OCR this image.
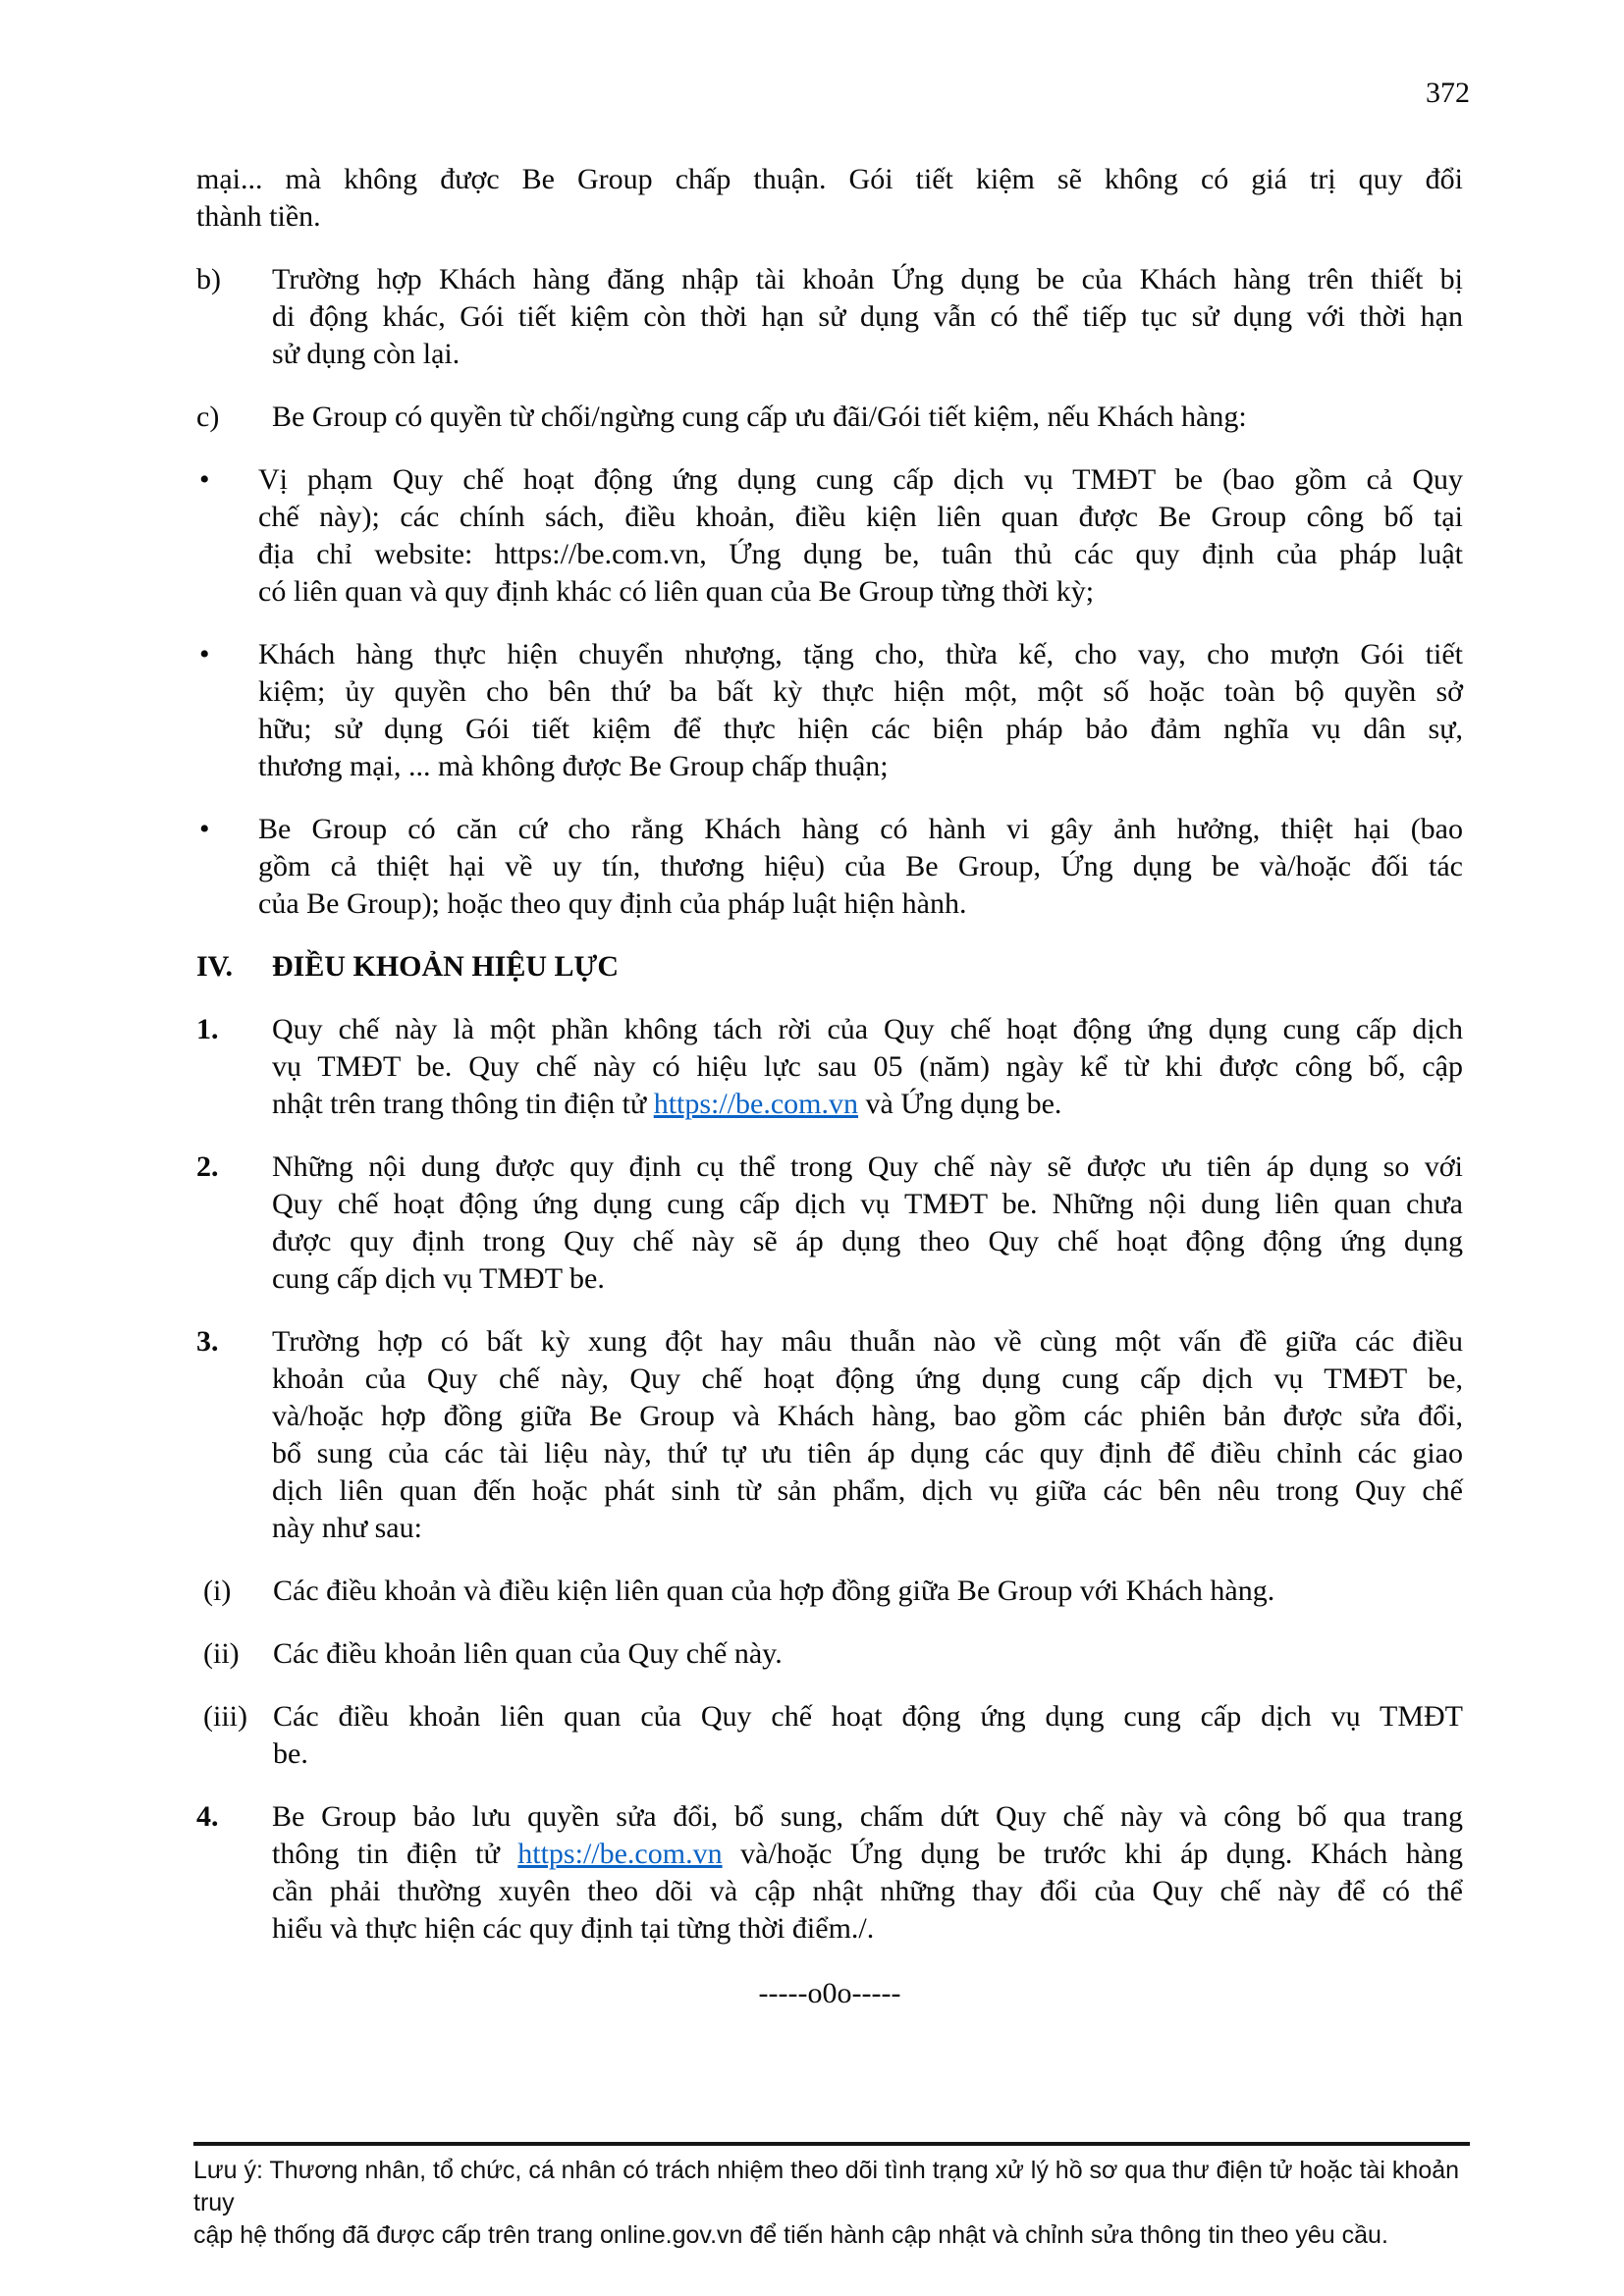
372
mại... mà không được Be Group chấp thuận. Gói tiết kiệm sẽ không có giá trị quy đổi
thành tiền.
b)	Trường hợp Khách hàng đăng nhập tài khoản Ứng dụng be của Khách hàng trên thiết bị
di động khác, Gói tiết kiệm còn thời hạn sử dụng vẫn có thể tiếp tục sử dụng với thời hạn
sử dụng còn lại.
c)	Be Group có quyền từ chối/ngừng cung cấp ưu đãi/Gói tiết kiệm, nếu Khách hàng:
•	Vị phạm Quy chế hoạt động ứng dụng cung cấp dịch vụ TMĐT be (bao gồm cả Quy
chế này); các chính sách, điều khoản, điều kiện liên quan được Be Group công bố tại
địa chỉ website: https://be.com.vn, Ứng dụng be, tuân thủ các quy định của pháp luật
có liên quan và quy định khác có liên quan của Be Group từng thời kỳ;
•	Khách hàng thực hiện chuyển nhượng, tặng cho, thừa kế, cho vay, cho mượn Gói tiết
kiệm; ủy quyền cho bên thứ ba bất kỳ thực hiện một, một số hoặc toàn bộ quyền sở
hữu; sử dụng Gói tiết kiệm để thực hiện các biện pháp bảo đảm nghĩa vụ dân sự,
thương mại, ... mà không được Be Group chấp thuận;
•	Be Group có căn cứ cho rằng Khách hàng có hành vi gây ảnh hưởng, thiệt hại (bao
gồm cả thiệt hại về uy tín, thương hiệu) của Be Group, Ứng dụng be và/hoặc đối tác
của Be Group); hoặc theo quy định của pháp luật hiện hành.
IV.	ĐIỀU KHOẢN HIỆU LỰC
1.	Quy chế này là một phần không tách rời của Quy chế hoạt động ứng dụng cung cấp dịch
vụ TMĐT be. Quy chế này có hiệu lực sau 05 (năm) ngày kể từ khi được công bố, cập
nhật trên trang thông tin điện tử https://be.com.vn và Ứng dụng be.
2.	Những nội dung được quy định cụ thể trong Quy chế này sẽ được ưu tiên áp dụng so với
Quy chế hoạt động ứng dụng cung cấp dịch vụ TMĐT be. Những nội dung liên quan chưa
được quy định trong Quy chế này sẽ áp dụng theo Quy chế hoạt động động ứng dụng
cung cấp dịch vụ TMĐT be.
3.	Trường hợp có bất kỳ xung đột hay mâu thuẫn nào về cùng một vấn đề giữa các điều
khoản của Quy chế này, Quy chế hoạt động ứng dụng cung cấp dịch vụ TMĐT be,
và/hoặc hợp đồng giữa Be Group và Khách hàng, bao gồm các phiên bản được sửa đổi,
bổ sung của các tài liệu này, thứ tự ưu tiên áp dụng các quy định để điều chỉnh các giao
dịch liên quan đến hoặc phát sinh từ sản phẩm, dịch vụ giữa các bên nêu trong Quy chế
này như sau:
(i)	Các điều khoản và điều kiện liên quan của hợp đồng giữa Be Group với Khách hàng.
(ii)	Các điều khoản liên quan của Quy chế này.
(iii) Các điều khoản liên quan của Quy chế hoạt động ứng dụng cung cấp dịch vụ TMĐT
be.
4.	Be Group bảo lưu quyền sửa đổi, bổ sung, chấm dứt Quy chế này và công bố qua trang
thông tin điện tử https://be.com.vn và/hoặc Ứng dụng be trước khi áp dụng. Khách hàng
cần phải thường xuyên theo dõi và cập nhật những thay đổi của Quy chế này để có thể
hiểu và thực hiện các quy định tại từng thời điểm./.
-----o0o-----
Lưu ý: Thương nhân, tổ chức, cá nhân có trách nhiệm theo dõi tình trạng xử lý hồ sơ qua thư điện tử hoặc tài khoản truy
cập hệ thống đã được cấp trên trang online.gov.vn để tiến hành cập nhật và chỉnh sửa thông tin theo yêu cầu.
